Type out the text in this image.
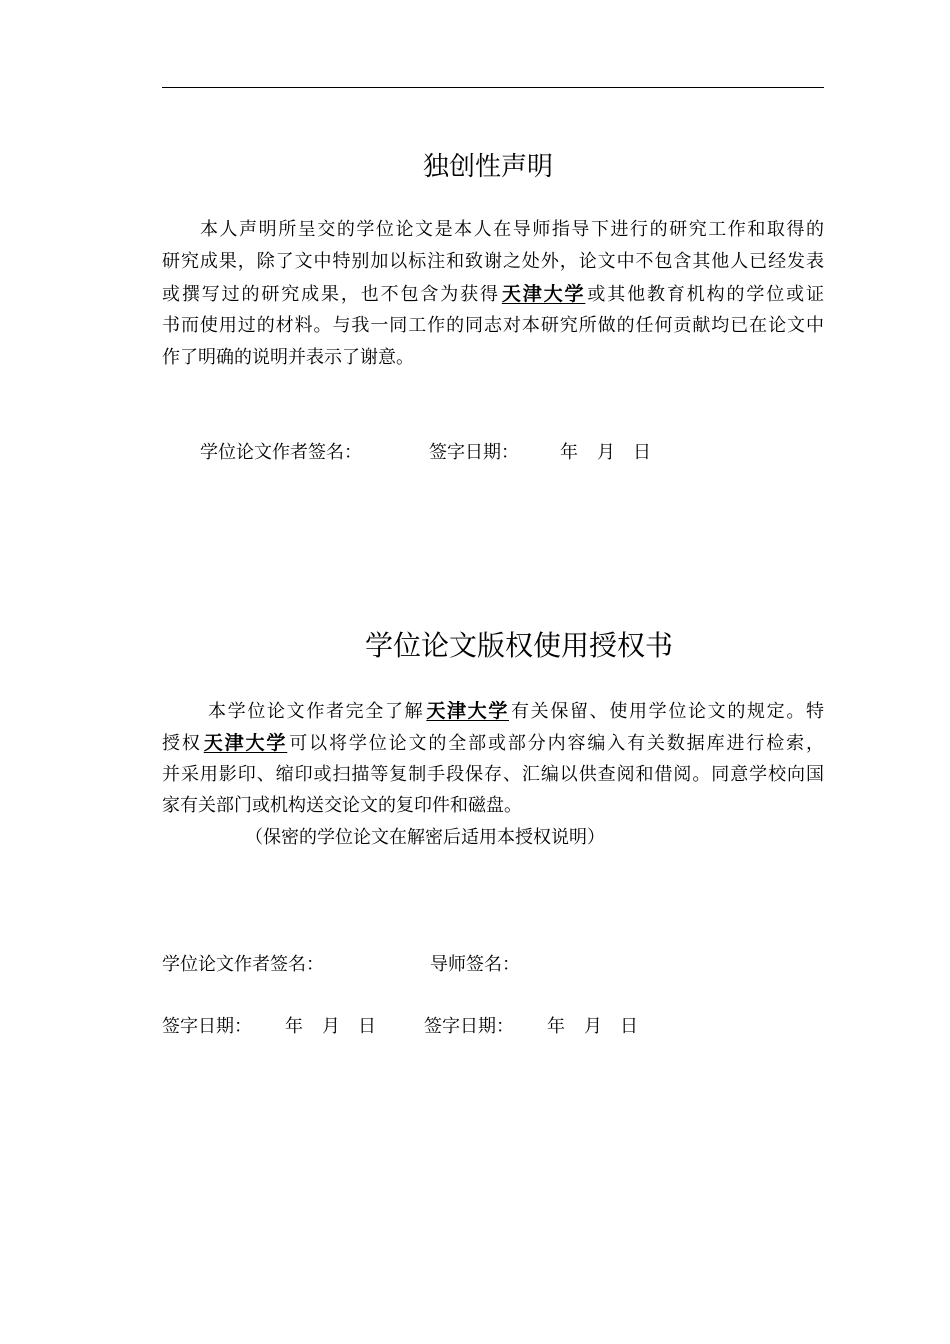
独创性声明
本人声明所呈交的学位论文是本人在导师指导下进行的研究工作和取得的
研究成果，除了文中特别加以标注和致谢之处外，论文中不包含其他人已经发表
或撰写过的研究成果，也不包含为获得 天津大学 或其他教育机构的学位或证
书而使用过的材料。与我一同工作的同志对本研究所做的任何贡献均已在论文中
作了明确的说明并表示了谢意。
学位论文作者签名：	签字日期： 年 月 日
学位论文版权使用授权书
本学位论文作者完全了解 天津大学 有关保留、使用学位论文的规定。特
授权 天津大学 可以将学位论文的全部或部分内容编入有关数据库进行检索，
并采用影印、缩印或扫描等复制手段保存、汇编以供查阅和借阅。同意学校向国
家有关部门或机构送交论文的复印件和磁盘。
（保密的学位论文在解密后适用本授权说明）
学位论文作者签名：	导师签名：
签字日期： 年 月 日	签字日期： 年 月 日
